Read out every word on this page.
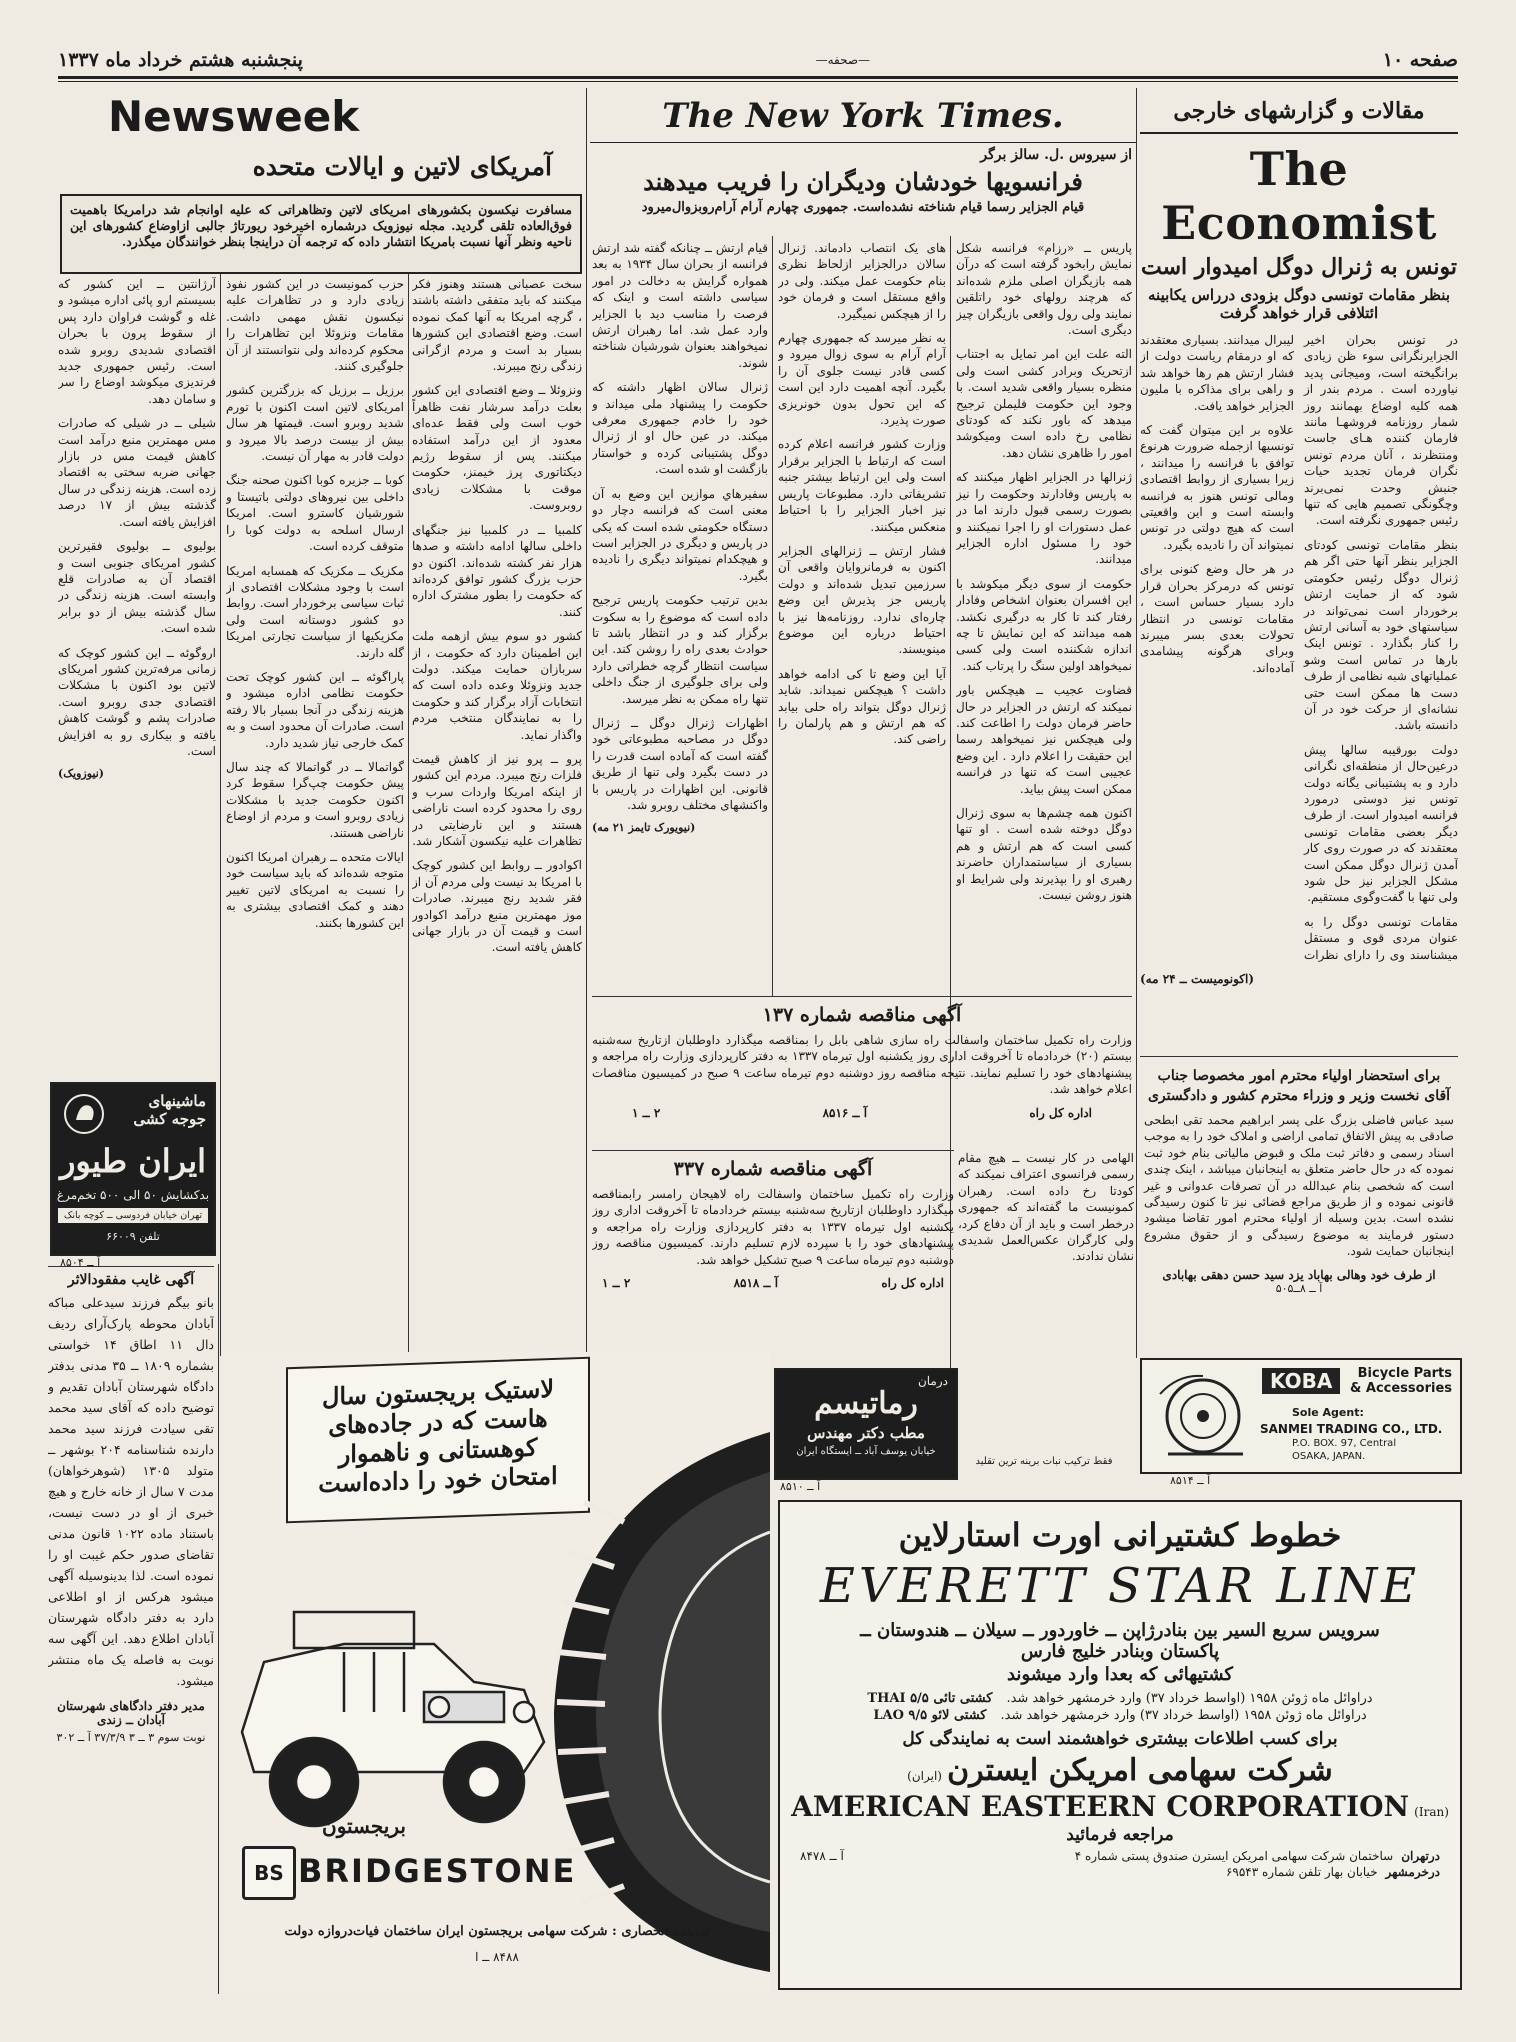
پنجشنبه هشتم خرداد ماه ۱۳۳۷	—صحفه—	صفحه ۱۰
مقالات و گزارشهای خارجی
The Economist
تونس به ژنرال دوگل امیدوار است
بنظر مقامات تونسی دوگل بزودی درراس یکابینه ائتلافی قرار خواهد گرفت

در تونس بحران اخیر الجزایرنگرانی سوء ظن زیادی برانگیخته است، ومیجانی پدید نیاورده است . مردم بندر از همه کلیه اوضاع بهمانند روز شمار روزنامه فروشهـا مانند فارمان کننده هـای جاست ومنتظرند ، آنان مردم تونس نگران فرمان تجدید حیات جنبش وحدت نمی‌برند وچگونگی تصمیم هایی که تنها رئیس جمهوری نگرفته است.

بنظر مقامات تونسی کودتای الجزایر بنظر آنها حتی اگر هم ژنرال دوگل رئیس حکومتی شود که از حمایت ارتش برخوردار است نمی‌تواند در سیاستهای خود به آسانی ارتش را کنار بگذارد . تونس اینک بارها در تماس است وشو عملیاتهای شبه نظامی از طرف دست ها ممکن است حتی نشانه‌ای از حرکت خود در آن دانسته باشد.

دولت بورقیبه سالها پیش درعین‌حال از منطقه‌ای نگرانی دارد و به پشتیبانی یگانه دولت تونس نیز دوستی درمورد فرانسه امیدوار است. از طرف دیگر بعضی مقامات تونسی معتقدند که در صورت روی کار آمدن ژنرال دوگل ممکن است مشکل الجزایر نیز حل شود ولی تنها با گفت‌وگوی مستقیم.

مقامات تونسی دوگل را به عنوان مردی قوی و مستقل میشناسند وی را دارای نظرات لیبرال میدانند. بسیاری معتقدند که او درمقام ریاست دولت از فشار ارتش هم رها خواهد شد و راهی برای مذاکره با ملیون الجزایر خواهد یافت.

علاوه بر این میتوان گفت که تونسیها ازجمله ضرورت هرنوع توافق با فرانسه را میدانند ، زیرا بسیاری از روابط اقتصادی ومالی تونس هنوز به فرانسه وابسته است و این واقعیتی است که هیچ دولتی در تونس نمیتواند آن را نادیده بگیرد.

در هر حال وضع کنونی برای تونس که درمرکز بحران قرار دارد بسیار حساس است ، مقامات تونسی در انتظار تحولات بعدی بسر میبرند وبرای هرگونه پیشامدی آماده‌اند.

(اکونومیست ــ ۲۴ مه)
برای استحضار اولیاء محترم امور مخصوصا جناب آقای نخست وزیر و وزراء محترم کشور و دادگستری

سید عباس فاضلی بزرگ علی پسر ابراهیم محمد تقی ابطحی صادقی به پیش الاتفاق تمامی اراضی و املاک خود را به موجب اسناد رسمی و دفاتر ثبت ملک و قبوض مالیاتی بنام خود ثبت نموده که در حال حاضر متعلق به اینجانبان میباشد ، اینک چندی است که شخصی بنام عبدالله در آن تصرفات عدوانی و غیر قانونی نموده و از طریق مراجع قضائی نیز تا کنون رسیدگی نشده است. بدین وسیله از اولیاء محترم امور تقاضا میشود دستور فرمایند به موضوع رسیدگی و از حقوق مشروع اینجانبان حمایت شود.

از طرف خود وهالی بهاباد یزد سید حسن دهقی بهابادی
آ ــ ۸ــ۵۰۵
KOBA	Bicycle Parts
& Accessories
Sole Agent:
SANMEI TRADING CO., LTD.
P.O. BOX. 97, Central
OSAKA, JAPAN.
آ ــ ۸۵۱۴
The New York Times.
از سیروس .ل. سالز برگر
فرانسویها خودشان ودیگران را فریب میدهند
قیام الجزایر رسما قیام شناخته نشده‌است. جمهوری چهارم آرام آرام‌روبزوال‌میرود

پاریس ــ «رزام» فرانسه شکل نمایش رابخود گرفته است که درآن همه بازیگران اصلی ملزم شده‌اند که هرچند رولهای خود راتلقین نمایند ولی رول واقعی بازیگران چیز دیگری است.

الته علت این امر تمایل به اجتناب ازتحریک وبرادر کشی است ولی منظره‌ بسیار واقعی شدید است. با وجود این حکومت فلیملن ترجیح میدهد که باور نکند که کودتای نظامی رخ داده است ومیکوشد امور را ظاهری نشان دهد.

ژنرالها در الجزایر اظهار میکنند که به پاریس وفادارند وحکومت را نیز بصورت رسمی قبول دارند اما در عمل دستورات او را اجرا نمیکنند و خود را مسئول اداره الجزایر میدانند.

حکومت از سوی دیگر میکوشد با این افسران بعنوان اشخاص وفادار رفتار کند تا کار به درگیری نکشد. همه میدانند که این نمایش تا چه اندازه شکننده است ولی کسی نمیخواهد اولین سنگ را پرتاب کند.

قضاوت عجیب ــ هیچکس باور نمیکند که ارتش در الجزایر در حال حاضر فرمان دولت را اطاعت کند. ولی هیچکس نیز نمیخواهد رسما این حقیقت را اعلام دارد . این وضع عجیبی است که تنها در فرانسه ممکن است پیش بیاید.

اکنون همه چشم‌ها به سوی ژنرال دوگل دوخته شده است . او تنها کسی است که هم ارتش و هم بسیاری از سیاستمداران حاضرند رهبری او را بپذیرند ولی شرایط او هنوز روشن نیست.

های یک انتصاب دادماند. ژنرال سالان درالجزایر ازلحاظ نظری بنام حکومت عمل میکند. ولی در واقع مستقل است و فرمان خود را از هیچکس نمیگیرد.

به نظر میرسد که جمهوری چهارم آرام آرام به سوی زوال میرود و کسی قادر نیست جلوی آن را بگیرد. آنچه اهمیت دارد این است که این تحول بدون خونریزی صورت پذیرد.

وزارت کشور فرانسه اعلام کرده است که ارتباط با الجزایر برقرار است ولی این ارتباط بیشتر جنبه تشریفاتی دارد. مطبوعات پاریس نیز اخبار الجزایر را با احتیاط منعکس میکنند.

فشار ارتش ــ ژنرالهای الجزایر اکنون به فرمانروایان واقعی آن سرزمین تبدیل شده‌اند و دولت پاریس جز پذیرش این وضع چاره‌ای ندارد. روزنامه‌ها نیز با احتیاط درباره این موضوع مینویسند.

آیا این وضع تا کی ادامه خواهد داشت ؟ هیچکس نمیداند. شاید ژنرال دوگل بتواند راه حلی بیابد که هم ارتش و هم پارلمان را راضی کند.

قیام ارتش ــ چنانکه گفته شد ارتش فرانسه از بحران سال ۱۹۳۴ به بعد همواره گرایش به دخالت در امور سیاسی داشته است و اینک که فرصت را مناسب دید با الجزایر وارد عمل شد. اما رهبران ارتش نمیخواهند بعنوان شورشیان شناخته شوند.

ژنرال سالان اظهار داشته که حکومت را پیشنهاد ملی میداند و خود را خادم جمهوری معرفی میکند. در عین حال او از ژنرال دوگل پشتیبانی کرده و خواستار بازگشت او شده است.

سفیرهاي موازین این وضع به آن معنی است که فرانسه دچار دو دستگاه حکومتی شده است که یکی در پاریس و دیگری در الجزایر است و هیچکدام نمیتواند دیگری را نادیده بگیرد.

بدین ترتیب حکومت پاریس ترجیح داده است که موضوع را به سکوت برگزار کند و در انتظار باشد تا حوادث بعدی راه را روشن کند. این سیاست انتظار گرچه خطراتی دارد ولی برای جلوگیری از جنگ داخلی تنها راه ممکن به نظر میرسد.

اظهارات ژنرال دوگل ــ ژنرال دوگل در مصاحبه مطبوعاتی خود گفته است که آماده است قدرت را در دست بگیرد ولی تنها از طریق قانونی. این اظهارات در پاریس با واکنشهای مختلف روبرو شد.

(نیویورک تایمز ۲۱ مه)
آگهی مناقصه شماره ۱۳۷

وزارت راه تکمیل ساختمان واسفالت راه سازی شاهی بابل را بمناقصه میگذارد داوطلبان ازتاریخ سه‌شنبه بیستم (۲۰) خردادماه تا آخروقت اداری روز یکشنبه اول تیرماه ۱۳۳۷ به دفتر کارپردازی وزارت راه مراجعه و پیشنهادهای خود را تسلیم نمایند. نتیجه مناقصه روز دوشنبه دوم تیرماه ساعت ۹ صبح در کمیسیون مناقصات اعلام خواهد شد.

اداره کل راه
آ ــ ۸۵۱۶
۲ ــ ۱
آگهی مناقصه شماره ۳۳۷

وزارت راه تکمیل ساختمان واسفالت راه لاهیجان رامسر رابمناقصه میگذارد داوطلبان ازتاریخ سه‌شنبه بیستم خردادماه تا آخروقت اداری روز یکشنبه اول تیرماه ۱۳۳۷ به دفتر کارپردازی وزارت راه مراجعه و پیشنهادهای خود را با سپرده لازم تسلیم دارند. کمیسیون مناقصه روز دوشنبه دوم تیرماه ساعت ۹ صبح تشکیل خواهد شد.

اداره کل راه
آ ــ ۸۵۱۸
۲ ــ ۱

الهامی در کار نیست ــ هیچ مقام رسمی فرانسوی اعتراف نمیکند که کودتا رخ داده است. رهبران کمونیست ما گفته‌اند که جمهوری درخطر است و باید از آن دفاع کرد، ولی کارگران عکس‌العمل شدیدی نشان ندادند.

درمان
رماتیسم
مطب دکتر مهندس
خیابان یوسف آباد ــ ایستگاه ایران
آ ــ ۸۵۱۰
فقط ترکیب نبات برینه ترین تقلید
Newsweek
آمریکای لاتین و ایالات متحده

مسافرت نیکسون بکشورهای امریکای لاتین وتظاهراتی که علیه اوانجام شد درامریکا باهمیت فوق‌العاده تلقی گردید. مجله نیوزویک درشماره اخیرخود ریورتاژ جالبی ازاوضاع کشورهای این ناحیه ونظر آنها نسبت بامریکا انتشار داده که ترجمه آن دراینجا بنظر خوانندگان میگذرد.

سخت عصبانی هستند وهنوز فکر میکنند که باید متفقی داشته باشند ، گرچه امریکا به آنها کمک نموده است. وضع اقتصادی این کشورها بسیار بد است و مردم ازگرانی زندگی رنج میبرند.

ونزوئلا ــ وضع اقتصادی این کشور بعلت درآمد سرشار نفت ظاهراً خوب است ولی فقط عده‌ای معدود از این درآمد استفاده میکنند. پس از سقوط رژیم دیکتاتوری پرز خیمنز، حکومت موقت با مشکلات زیادی روبروست.

کلمبیا ــ در کلمبیا نیز جنگهای داخلی سالها ادامه داشته و صدها هزار نفر کشته شده‌اند. اکنون دو حزب بزرگ کشور توافق کرده‌اند که حکومت را بطور مشترک اداره کنند.

کشور دو سوم بیش ازهمه ملت این اطمینان دارد که حکومت ، از سربازان حمایت میکند. دولت جدید ونزوئلا وعده داده است که انتخابات آزاد برگزار کند و حکومت را به نمایندگان منتخب مردم واگذار نماید.

پرو ــ پرو نیز از کاهش قیمت فلزات رنج میبرد. مردم این کشور از اینکه امریکا واردات سرب و روی را محدود کرده است ناراضی هستند و این نارضایتی در تظاهرات علیه نیکسون آشکار شد.

اکوادور ــ روابط این کشور کوچک با امریکا بد نیست ولی مردم آن از فقر شدید رنج میبرند. صادرات موز مهمترین منبع درآمد اکوادور است و قیمت آن در بازار جهانی کاهش یافته است.

حزب کمونیست در این کشور نفوذ زیادی دارد و در تظاهرات علیه نیکسون نقش مهمی داشت. مقامات ونزوئلا این تظاهرات را محکوم کرده‌اند ولی نتوانستند از آن جلوگیری کنند.

برزیل ــ برزیل که بزرگترین کشور امریکای لاتین است اکنون با تورم شدید روبرو است. قیمتها هر سال بیش از بیست درصد بالا میرود و دولت قادر به مهار آن نیست.

کوبا ــ جزیره کوبا اکنون صحنه جنگ داخلی بین نیروهای دولتی باتیستا و شورشیان کاسترو است. امریکا ارسال اسلحه به دولت کوبا را متوقف کرده است.

مکزیک ــ مکزیک که همسایه امریکا است با وجود مشکلات اقتصادی از ثبات سیاسی برخوردار است. روابط دو کشور دوستانه است ولی مکزیکیها از سیاست تجارتی امریکا گله دارند.

پاراگوئه ــ این کشور کوچک تحت حکومت نظامی اداره میشود و هزینه زندگی در آنجا بسیار بالا رفته است. صادرات آن محدود است و به کمک خارجی نیاز شدید دارد.

گواتمالا ــ در گواتمالا که چند سال پیش حکومت چپ‌گرا سقوط کرد اکنون حکومت جدید با مشکلات زیادی روبرو است و مردم از اوضاع ناراضی هستند.

ایالات متحده ــ رهبران امریکا اکنون متوجه شده‌اند که باید سیاست خود را نسبت به امریکای لاتین تغییر دهند و کمک اقتصادی بیشتری به این کشورها بکنند.

آرژانتین ــ این کشور که بسیستم ارو پائی اداره میشود و غله و گوشت فراوان دارد پس از سقوط پرون با بحران اقتصادی شدیدی روبرو شده است. رئیس جمهوری جدید فرندیزی میکوشد اوضاع را سر و سامان دهد.

شیلی ــ در شیلی که صادرات مس مهمترین منبع درآمد است کاهش قیمت مس در بازار جهانی ضربه سختی به اقتصاد زده است. هزینه زندگی در سال گذشته بیش از ۱۷ درصد افزایش یافته است.

بولیوی ــ بولیوی فقیرترین کشور امریکای جنوبی است و اقتصاد آن به صادرات قلع وابسته است. هزینه زندگی در سال گذشته بیش از دو برابر شده است.

اروگوئه ــ این کشور کوچک که زمانی مرفه‌ترین کشور امریکای لاتین بود اکنون با مشکلات اقتصادی جدی روبرو است. صادرات پشم و گوشت کاهش یافته و بیکاری رو به افزایش است.

(نیوزویک)
ماشینهای
جوجه کشی
ایران طیور
بدکشایش ۵۰ الی ۵۰۰ تخم‌مرغ
تهران خیابان فردوسی ــ کوچه بانک
تلفن ۶۶۰۰۹
آ ــ ۸۵۰۴
آگهی غایب مفقودالاثر

بانو بیگم فرزند سیدعلی مباکه آبادان محوطه پارک‌آرای ردیف دال ۱۱ اطاق ۱۴ خواستی بشماره ۱۸۰۹ ــ ۳۵ مدنی بدفتر دادگاه شهرستان آبادان تقدیم و توضیح داده که آقای سید محمد تقی سیادت فرزند سید محمد دارنده شناسنامه ۲۰۴ بوشهر ــ متولد ۱۳۰۵ (شوهرخواهان) مدت ۷ سال از خانه خارج و هیچ خبری از او در دست نیست، باستناد ماده ۱۰۲۲ قانون مدنی تقاضای صدور حکم غیبت او را نموده است. لذا بدینوسیله آگهی میشود هرکس از او اطلاعی دارد به دفتر دادگاه شهرستان آبادان اطلاع دهد. این آگهی سه نوبت به فاصله یک ماه منتشر میشود.

مدیر دفتر دادگاهای شهرستان آبادان ــ زندی
نوبت سوم ۳ ــ ۳ ۳۷/۳/۹ آ ــ ۳۰۲
لاستیک بریجستون سال
هاست که در جاده‌های
کوهستانی و ناهموار
امتحان خود را داده‌است
بریجستون
BS BRIDGESTONE
نماینده انحصاری : شرکت سهامی بریجستون ایران ساختمان فیات‌دروازه دولت
۸۴۸۸ ــ ا
خطوط کشتیرانی اورت استارلاین
EVERETT STAR LINE
سرویس سریع السیر بین بنادرژاپن ــ خاورد‌ور ــ سیلان ــ هندوستان ــ
پاکستان وبنادر خلیج فارس
کشتیهائی که بعدا وارد میشوند
دراوائل ماه ژوئن ۱۹۵۸ (اواسط خرداد ۳۷) وارد خرمشهر خواهد شد.
کشتی تائی THAI ۵/۵
دراوائل ماه ژوئن ۱۹۵۸ (اواسط خرداد ۳۷) وارد خرمشهر خواهد شد.
کشتی لائو LAO ۹/۵
برای کسب اطلاعات بیشتری خواهشمند است به نمایندگی کل
شرکت سهامی امریکن ایسترن (ایران)
AMERICAN EASTEERN CORPORATION (Iran)
مراجعه فرمائید
درتهران
ساختمان شرکت سهامی امریکن ایسترن صندوق پستی شماره ۴
درخرمشهر
خیابان بهار تلفن شماره ۶۹۵۴۳
آ ــ ۸۴۷۸
